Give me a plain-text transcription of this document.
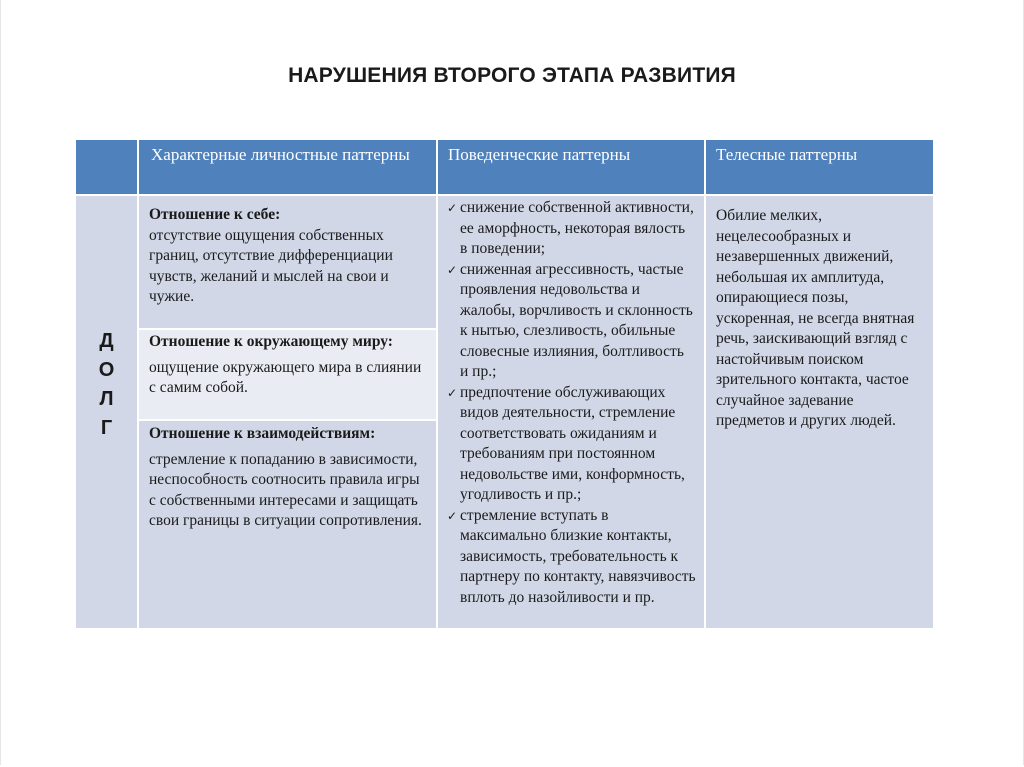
НАРУШЕНИЯ ВТОРОГО ЭТАПА РАЗВИТИЯ
Характерные личностные паттерны	Поведенческие паттерны	Телесные паттерны
Д
О
Л
Г
Отношение к себе:
отсутствие ощущения собственных границ, отсутствие дифференциации чувств, желаний и мыслей на свои и чужие.
Отношение к окружающему миру:
ощущение окружающего мира в слиянии с самим собой.
Отношение к взаимодействиям:
стремление к попаданию в зависимости, неспособность соотносить правила игры с собственными интересами и защищать свои границы в ситуации сопротивления.
✓ снижение собственной активности, ее аморфность, некоторая вялость в поведении;
✓ сниженная агрессивность, частые проявления недовольства и жалобы, ворчливость и склонность к нытью, слезливость, обильные словесные излияния, болтливость и пр.;
✓ предпочтение обслуживающих видов деятельности, стремление соответствовать ожиданиям и требованиям при постоянном недовольстве ими, конформность, угодливость и пр.;
✓ стремление вступать в максимально близкие контакты, зависимость, требовательность к партнеру по контакту, навязчивость вплоть до назойливости и пр.
Обилие мелких, нецелесообразных и незавершенных движений, небольшая их амплитуда, опирающиеся позы, ускоренная, не всегда внятная речь, заискивающий взгляд с настойчивым поиском зрительного контакта, частое случайное задевание предметов и других людей.
